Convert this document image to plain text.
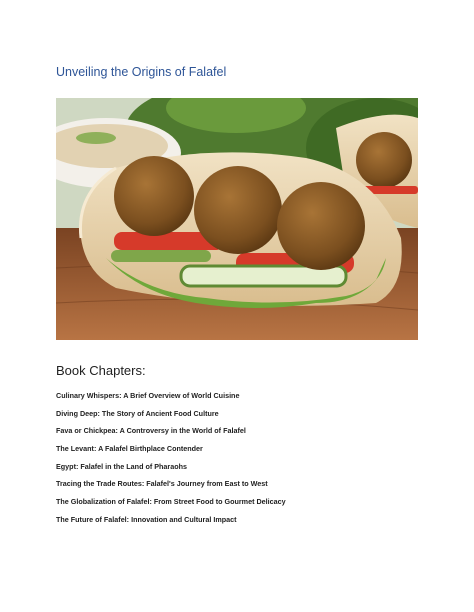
Unveiling the Origins of Falafel
Book Chapters:
Culinary Whispers: A Brief Overview of World Cuisine
Diving Deep: The Story of Ancient Food Culture
Fava or Chickpea: A Controversy in the World of Falafel
The Levant: A Falafel Birthplace Contender
Egypt: Falafel in the Land of Pharaohs
Tracing the Trade Routes: Falafel's Journey from East to West
The Globalization of Falafel: From Street Food to Gourmet Delicacy
The Future of Falafel: Innovation and Cultural Impact
